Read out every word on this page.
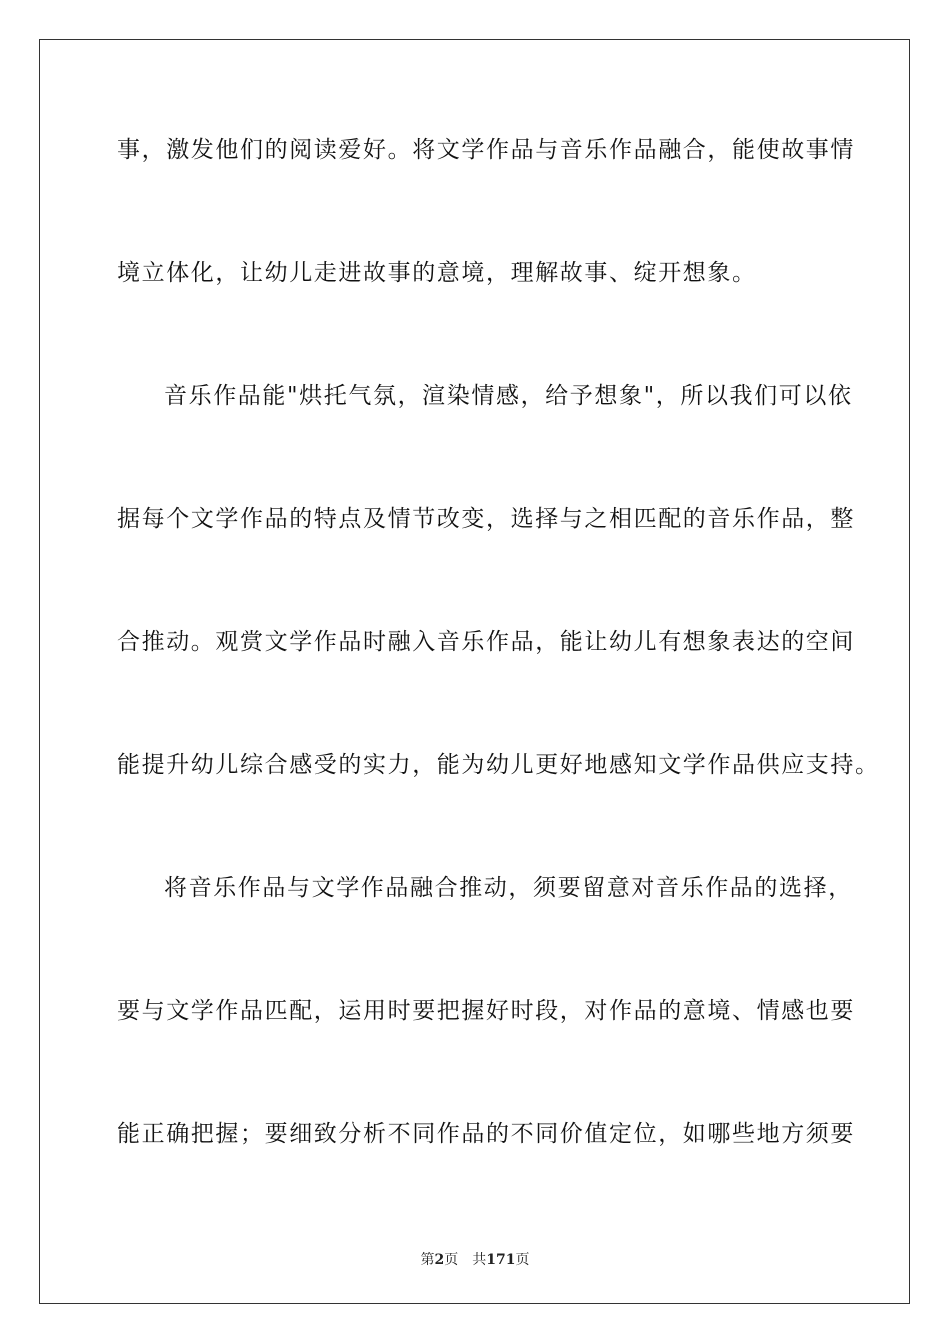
事，激发他们的阅读爱好。将文学作品与音乐作品融合，能使故事情
境立体化，让幼儿走进故事的意境，理解故事、绽开想象。
音乐作品能"烘托气氛，渲染情感，给予想象"，所以我们可以依
据每个文学作品的特点及情节改变，选择与之相匹配的音乐作品，整
合推动。观赏文学作品时融入音乐作品，能让幼儿有想象表达的空间
能提升幼儿综合感受的实力，能为幼儿更好地感知文学作品供应支持。
将音乐作品与文学作品融合推动，须要留意对音乐作品的选择，
要与文学作品匹配，运用时要把握好时段，对作品的意境、情感也要
能正确把握；要细致分析不同作品的不同价值定位，如哪些地方须要
第2页 共171页
